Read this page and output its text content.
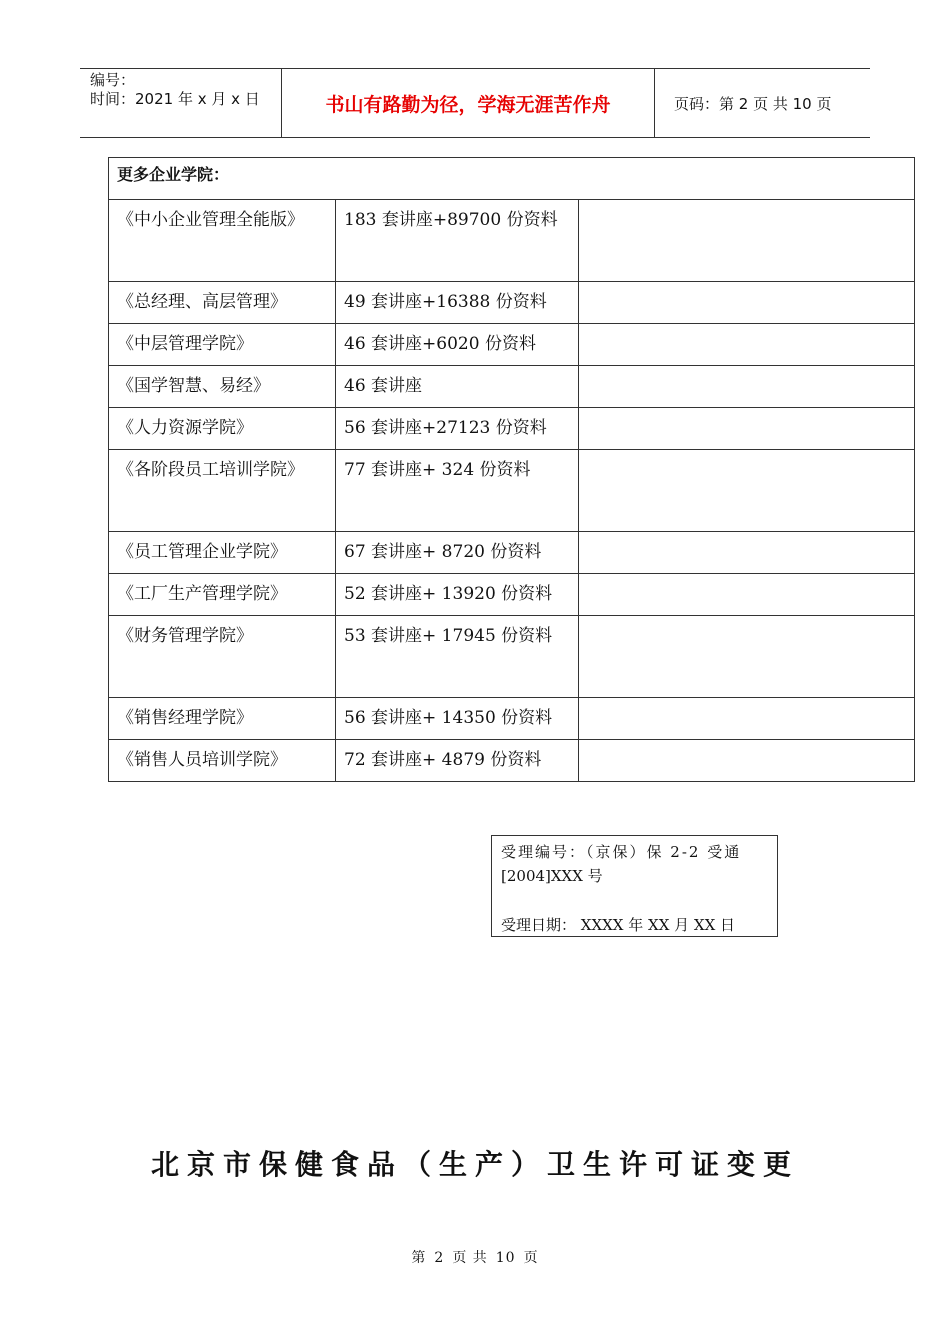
编号：
时间：2021 年 x 月 x 日	书山有路勤为径，学海无涯苦作舟	页码：第 2 页 共 10 页
更多企业学院：		
《中小企业管理全能版》	183 套讲座+89700 份资料	
《总经理、高层管理》	49 套讲座+16388 份资料	
《中层管理学院》	46 套讲座+6020 份资料	
《国学智慧、易经》	46 套讲座	
《人力资源学院》	56 套讲座+27123 份资料	
《各阶段员工培训学院》	77 套讲座+ 324 份资料	
《员工管理企业学院》	67 套讲座+ 8720 份资料	
《工厂生产管理学院》	52 套讲座+ 13920 份资料	
《财务管理学院》	53 套讲座+ 17945 份资料	
《销售经理学院》	56 套讲座+ 14350 份资料	
《销售人员培训学院》	72 套讲座+ 4879 份资料	
受理编号：（京保）保 2-2 受通
[2004]XXX 号
受理日期： XXXX 年 XX 月 XX 日
北京市保健食品（生产）卫生许可证变更
第 2 页 共 10 页
